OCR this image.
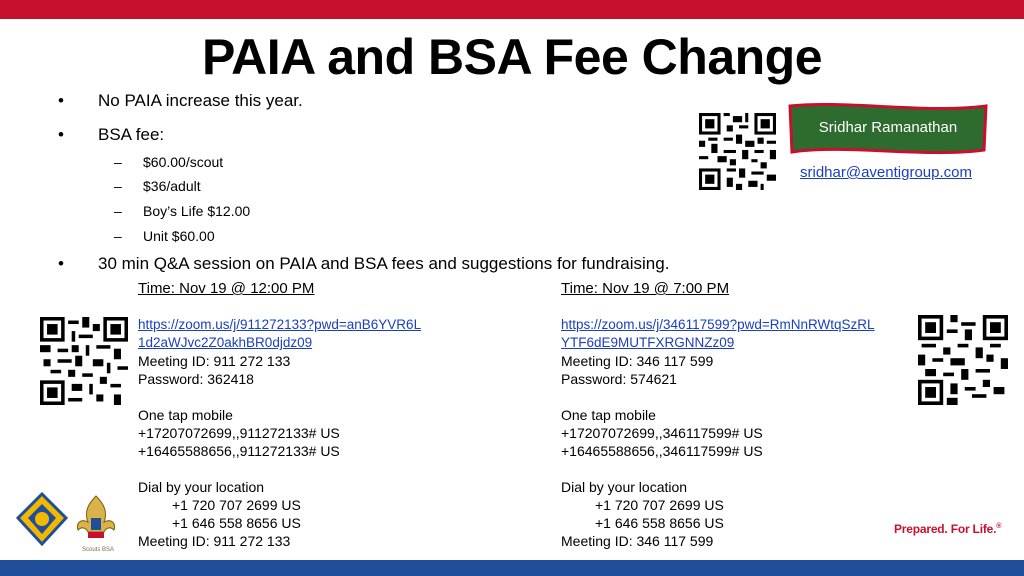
PAIA and BSA Fee Change
• No PAIA increase this year.
• BSA fee:
– $60.00/scout
– $36/adult
– Boy’s Life $12.00
– Unit $60.00
• 30 min Q&A session on PAIA and BSA fees and suggestions for fundraising.
Sridhar Ramanathan
sridhar@aventigroup.com
Time: Nov 19 @ 12:00 PM
https://zoom.us/j/911272133?pwd=anB6YVR6L
1d2aWJvc2Z0akhBR0djdz09
Meeting ID: 911 272 133
Password: 362418
One tap mobile
+17207072699,,911272133# US
+16465588656,,911272133# US
Dial by your location
+1 720 707 2699 US
+1 646 558 8656 US
Meeting ID: 911 272 133
Time: Nov 19 @ 7:00 PM
https://zoom.us/j/346117599?pwd=RmNnRWtqSzRL
YTF6dE9MUTFXRGNNZz09
Meeting ID: 346 117 599
Password: 574621
One tap mobile
+17207072699,,346117599# US
+16465588656,,346117599# US
Dial by your location
+1 720 707 2699 US
+1 646 558 8656 US
Meeting ID: 346 117 599
Scouts BSA
Prepared. For Life.®
